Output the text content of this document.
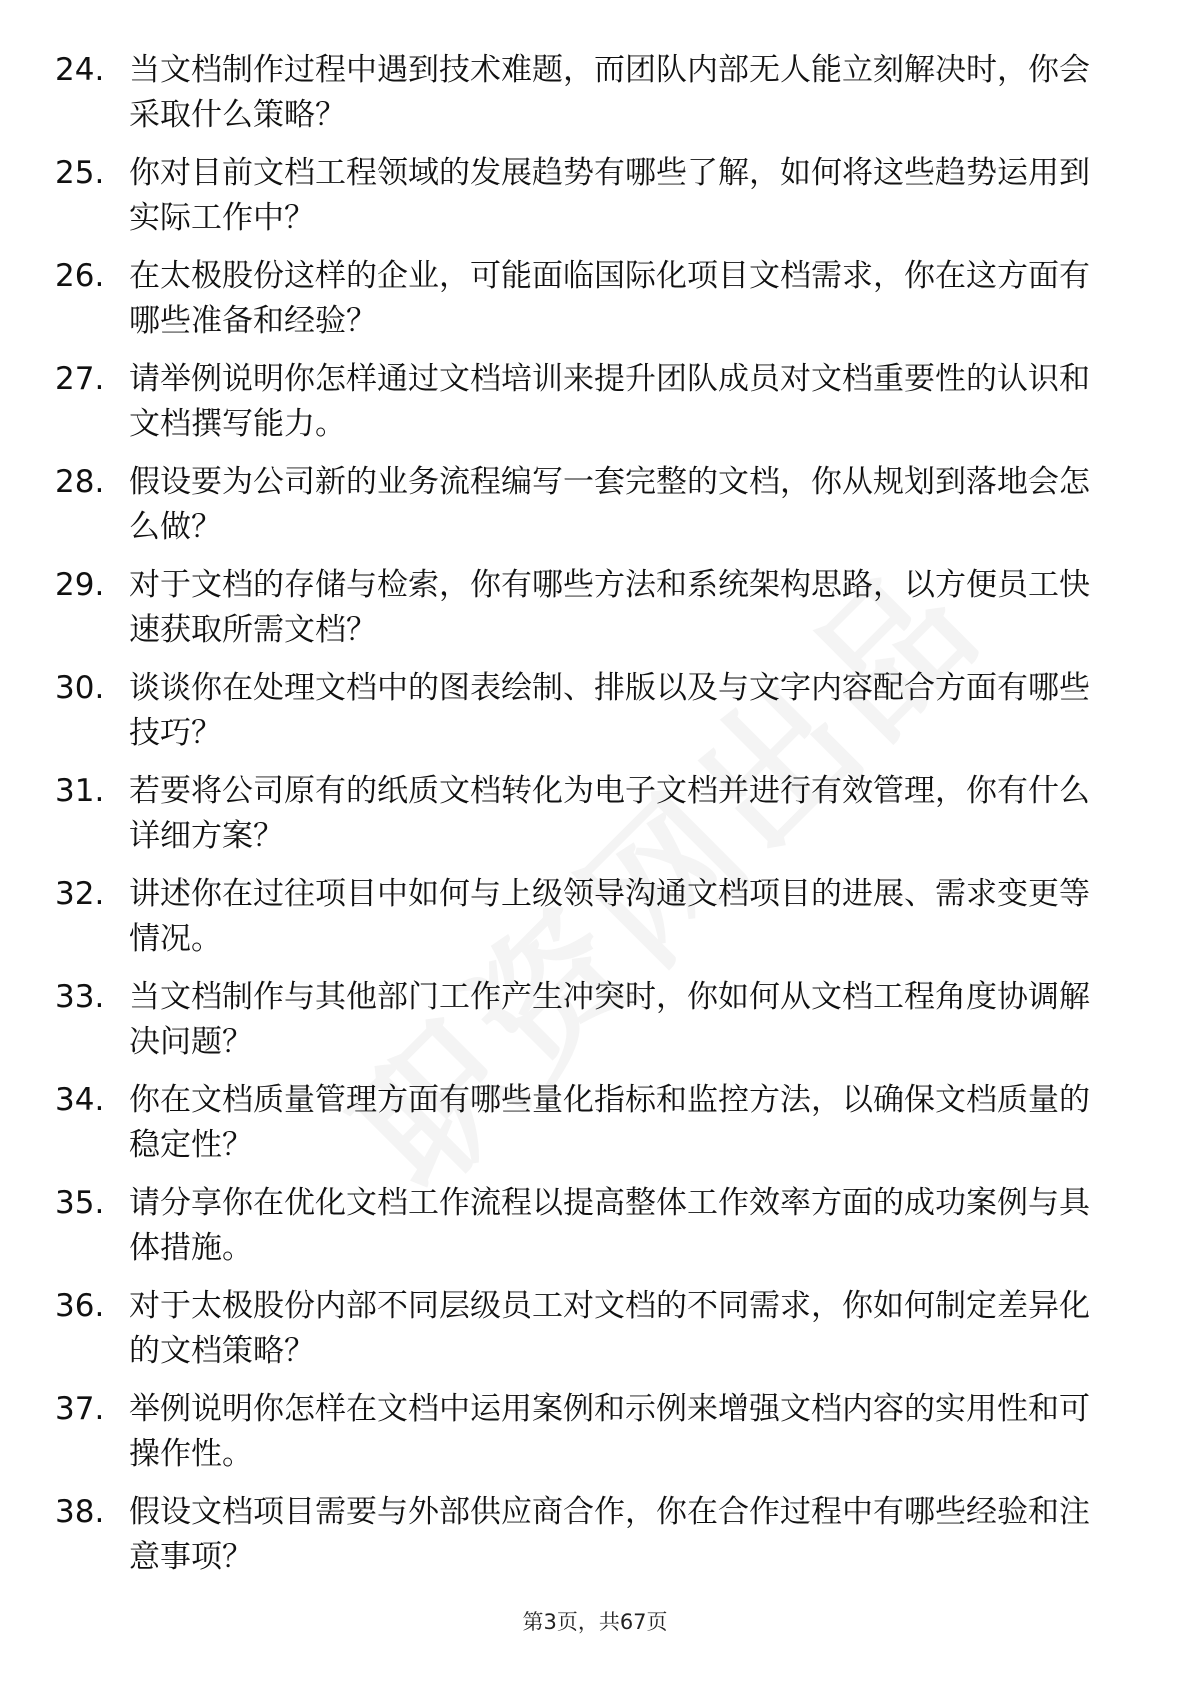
24. 当文档制作过程中遇到技术难题，而团队内部无人能立刻解决时，你会采取什么策略？
25. 你对目前文档工程领域的发展趋势有哪些了解，如何将这些趋势运用到实际工作中？
26. 在太极股份这样的企业，可能面临国际化项目文档需求，你在这方面有哪些准备和经验？
27. 请举例说明你怎样通过文档培训来提升团队成员对文档重要性的认识和文档撰写能力。
28. 假设要为公司新的业务流程编写一套完整的文档，你从规划到落地会怎么做？
29. 对于文档的存储与检索，你有哪些方法和系统架构思路，以方便员工快速获取所需文档？
30. 谈谈你在处理文档中的图表绘制、排版以及与文字内容配合方面有哪些技巧？
31. 若要将公司原有的纸质文档转化为电子文档并进行有效管理，你有什么详细方案？
32. 讲述你在过往项目中如何与上级领导沟通文档项目的进展、需求变更等情况。
33. 当文档制作与其他部门工作产生冲突时，你如何从文档工程角度协调解决问题？
34. 你在文档质量管理方面有哪些量化指标和监控方法，以确保文档质量的稳定性？
35. 请分享你在优化文档工作流程以提高整体工作效率方面的成功案例与具体措施。
36. 对于太极股份内部不同层级员工对文档的不同需求，你如何制定差异化的文档策略？
37. 举例说明你怎样在文档中运用案例和示例来增强文档内容的实用性和可操作性。
38. 假设文档项目需要与外部供应商合作，你在合作过程中有哪些经验和注意事项？
第3页，共67页
